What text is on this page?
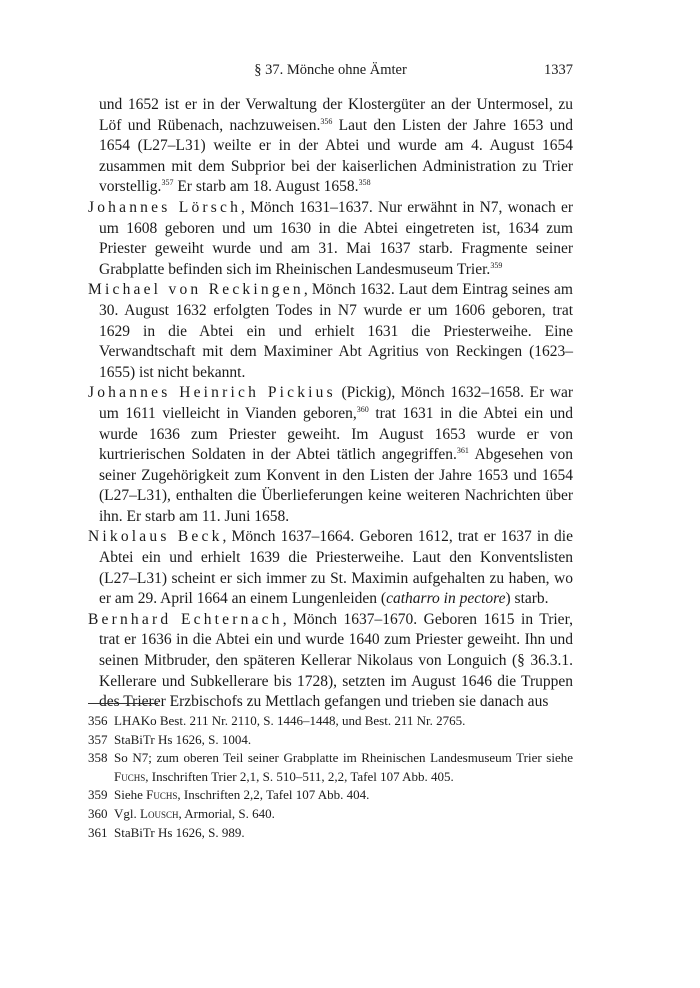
§ 37. Mönche ohne Ämter	1337

und 1652 ist er in der Verwaltung der Klostergüter an der Untermosel, zu Löf und Rübenach, nachzuweisen.$^{356}$ Laut den Listen der Jahre 1653 und 1654 (L27–L31) weilte er in der Abtei und wurde am 4. August 1654 zusammen mit dem Subprior bei der kaiserlichen Administration zu Trier vorstellig.$^{357}$ Er starb am 18. August 1658.$^{358}$

Johannes Lörsch, Mönch 1631–1637. Nur erwähnt in N7, wonach er um 1608 geboren und um 1630 in die Abtei eingetreten ist, 1634 zum Priester geweiht wurde und am 31. Mai 1637 starb. Fragmente seiner Grabplatte befinden sich im Rheinischen Landesmuseum Trier.$^{359}$

Michael von Reckingen, Mönch 1632. Laut dem Eintrag seines am 30. August 1632 erfolgten Todes in N7 wurde er um 1606 geboren, trat 1629 in die Abtei ein und erhielt 1631 die Priesterweihe. Eine Verwandtschaft mit dem Maximiner Abt Agritius von Reckingen (1623–1655) ist nicht bekannt.

Johannes Heinrich Pickius (Pickig), Mönch 1632–1658. Er war um 1611 vielleicht in Vianden geboren,$^{360}$ trat 1631 in die Abtei ein und wurde 1636 zum Priester geweiht. Im August 1653 wurde er von kurtrierischen Soldaten in der Abtei tätlich angegriffen.$^{361}$ Abgesehen von seiner Zugehörigkeit zum Konvent in den Listen der Jahre 1653 und 1654 (L27–L31), enthalten die Überlieferungen keine weiteren Nachrichten über ihn. Er starb am 11. Juni 1658.

Nikolaus Beck, Mönch 1637–1664. Geboren 1612, trat er 1637 in die Abtei ein und erhielt 1639 die Priesterweihe. Laut den Konventslisten (L27–L31) scheint er sich immer zu St. Maximin aufgehalten zu haben, wo er am 29. April 1664 an einem Lungenleiden (catharro in pectore) starb.

Bernhard Echternach, Mönch 1637–1670. Geboren 1615 in Trier, trat er 1636 in die Abtei ein und wurde 1640 zum Priester geweiht. Ihn und seinen Mitbruder, den späteren Kellerar Nikolaus von Longuich (§ 36.3.1. Kellerare und Subkellerare bis 1728), setzten im August 1646 die Truppen des Trierer Erzbischofs zu Mettlach gefangen und trieben sie danach aus

356 LHAKo Best. 211 Nr. 2110, S. 1446–1448, und Best. 211 Nr. 2765.
357 StaBiTr Hs 1626, S. 1004.
358 So N7; zum oberen Teil seiner Grabplatte im Rheinischen Landesmuseum Trier siehe Fuchs, Inschriften Trier 2,1, S. 510–511, 2,2, Tafel 107 Abb. 405.
359 Siehe Fuchs, Inschriften 2,2, Tafel 107 Abb. 404.
360 Vgl. Lousch, Armorial, S. 640.
361 StaBiTr Hs 1626, S. 989.
